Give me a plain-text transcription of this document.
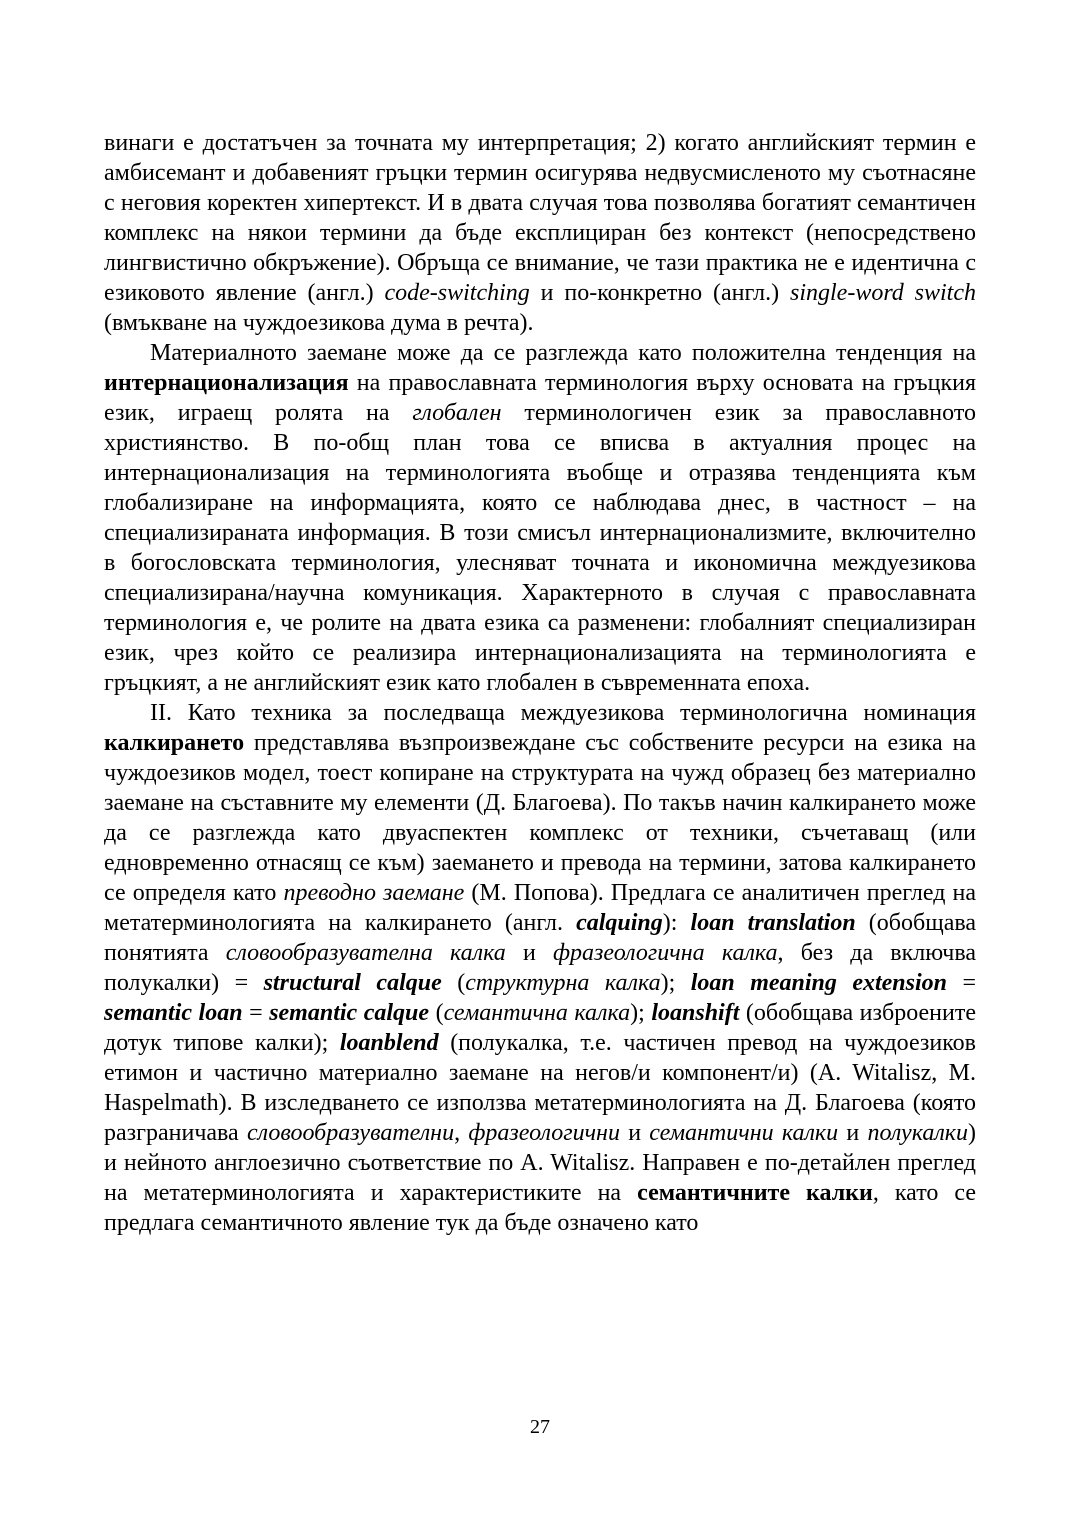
винаги е достатъчен за точната му интерпретация; 2) когато английският термин е амбисемант и добавеният гръцки термин осигурява недвусмисленото му съотнасяне с неговия коректен хипертекст. И в двата случая това позволява богатият семантичен комплекс на някои термини да бъде експлициран без контекст (непосредствено лингвистично обкръжение). Обръща се внимание, че тази практика не е идентична с езиковото явление (англ.) code-switching и по-конкретно (англ.) single-word switch (вмъкване на чуждоезикова дума в речта).

Материалното заемане може да се разглежда като положителна тенденция на интернационализация на православната терминология върху основата на гръцкия език, играещ ролята на глобален терминологичен език за православното християнство. В по-общ план това се вписва в актуалния процес на интернационализация на терминологията въобще и отразява тенденцията към глобализиране на информацията, която се наблюдава днес, в частност – на специализираната информация. В този смисъл интернационализмите, включително в богословската терминология, улесняват точната и икономична междуезикова специализирана/научна комуникация. Характерното в случая с православната терминология е, че ролите на двата езика са разменени: глобалният специализиран език, чрез който се реализира интернационализацията на терминологията е гръцкият, а не английският език като глобален в съвременната епоха.

II. Като техника за последваща междуезикова терминологична номинация калкирането представлява възпроизвеждане със собствените ресурси на езика на чуждоезиков модел, тоест копиране на структурата на чужд образец без материално заемане на съставните му елементи (Д. Благоева). По такъв начин калкирането може да се разглежда като двуаспектен комплекс от техники, съчетаващ (или едновременно отнасящ се към) заемането и превода на термини, затова калкирането се определя като преводно заемане (М. Попова). Предлага се аналитичен преглед на метатерминологията на калкирането (англ. calquing): loan translation (обобщава понятията словообразувателна калка и фразеологична калка, без да включва полукалки) = structural calque (структурна калка); loan meaning extension = semantic loan = semantic calque (семантична калка); loanshift (обобщава изброените дотук типове калки); loanblend (полукалка, т.е. частичен превод на чуждоезиков етимон и частично материално заемане на негов/и компонент/и) (A. Witalisz, M. Haspelmath). В изследването се използва метатерминологията на Д. Благоева (която разграничава словообразувателни, фразеологични и семантични калки и полукалки) и нейното англоезично съответствие по A. Witalisz. Направен е по-детайлен преглед на метатерминологията и характеристиките на семантичните калки, като се предлага семантичното явление тук да бъде означено като

27
